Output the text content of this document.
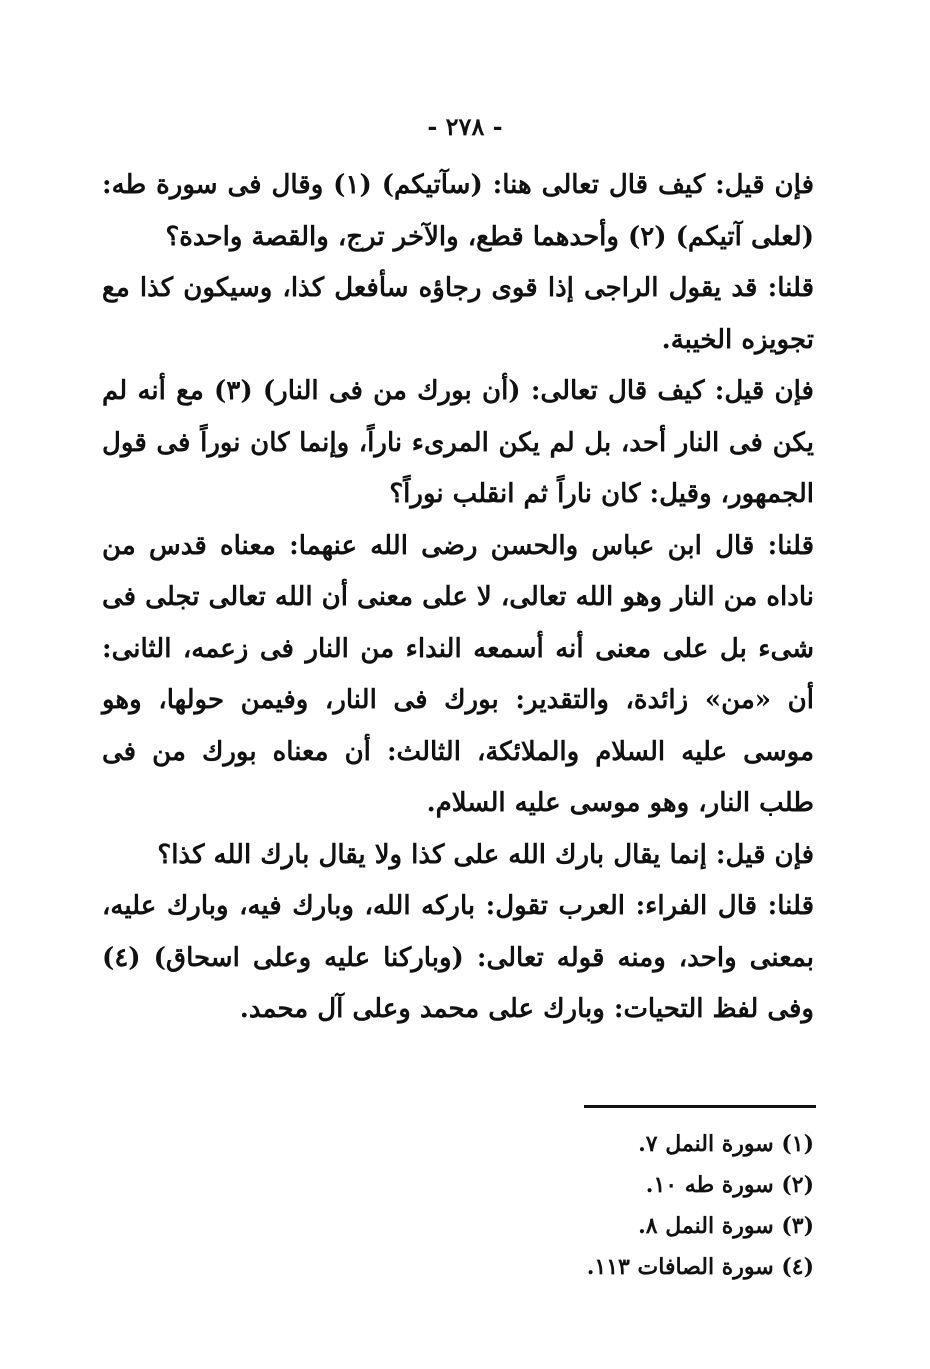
- ٢٧٨ -

فإن قيل: كيف قال تعالى هنا: (سآتيكم) (١) وقال فى سورة طه: (لعلى آتيكم) (٢) وأحدهما قطع، والآخر ترج، والقصة واحدة؟

قلنا: قد يقول الراجى إذا قوى رجاؤه سأفعل كذا، وسيكون كذا مع تجويزه الخيبة.

فإن قيل: كيف قال تعالى: (أن بورك من فى النار) (٣) مع أنه لم يكن فى النار أحد، بل لم يكن المرىء ناراً، وإنما كان نوراً فى قول الجمهور، وقيل: كان ناراً ثم انقلب نوراً؟

قلنا: قال ابن عباس والحسن رضى الله عنهما: معناه قدس من ناداه من النار وهو الله تعالى، لا على معنى أن الله تعالى تجلى فى شىء بل على معنى أنه أسمعه النداء من النار فى زعمه، الثانى: أن «من» زائدة، والتقدير: بورك فى النار، وفيمن حولها، وهو موسى عليه السلام والملائكة، الثالث: أن معناه بورك من فى طلب النار، وهو موسى عليه السلام.

فإن قيل: إنما يقال بارك الله على كذا ولا يقال بارك الله كذا؟

قلنا: قال الفراء: العرب تقول: باركه الله، وبارك فيه، وبارك عليه، بمعنى واحد، ومنه قوله تعالى: (وباركنا عليه وعلى اسحاق) (٤) وفى لفظ التحيات: وبارك على محمد وعلى آل محمد.

(١) سورة النمل ٧.
(٢) سورة طه ١٠.
(٣) سورة النمل ٨.
(٤) سورة الصافات ١١٣.
